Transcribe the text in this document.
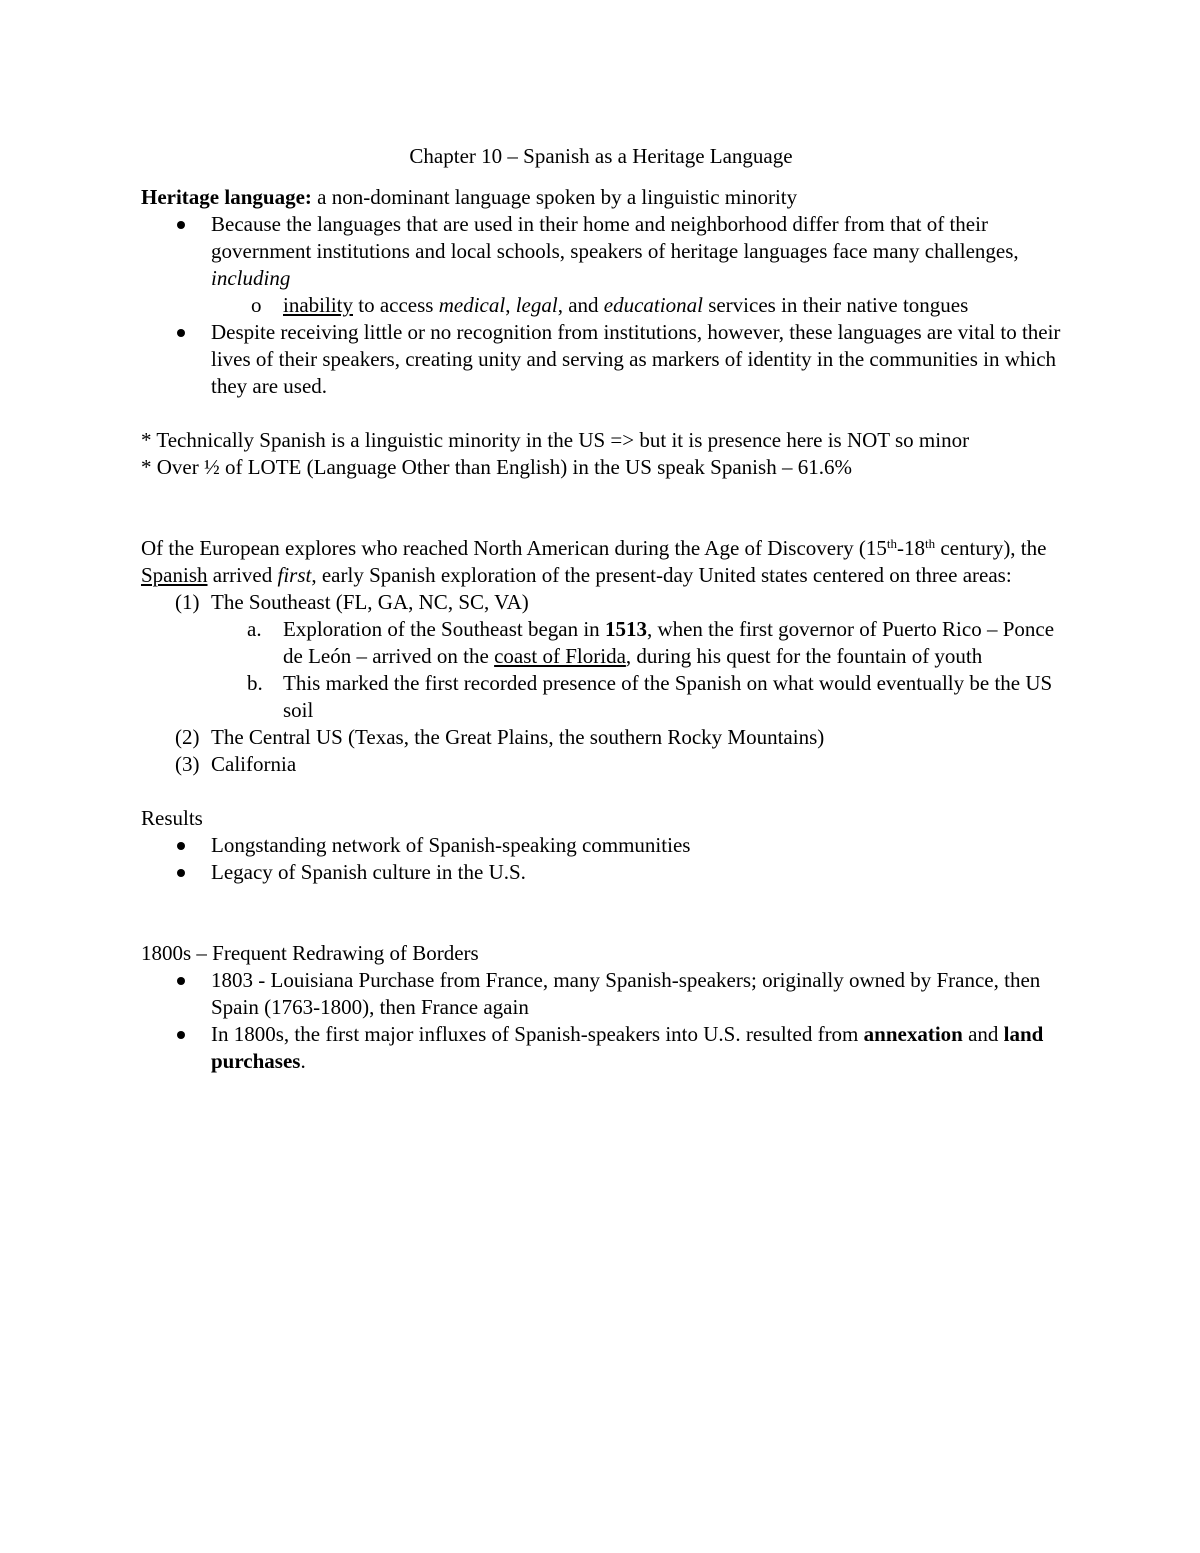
Chapter 10 – Spanish as a Heritage Language

Heritage language: a non-dominant language spoken by a linguistic minority

Because the languages that are used in their home and neighborhood differ from that of their government institutions and local schools, speakers of heritage languages face many challenges, including
o inability to access medical, legal, and educational services in their native tongues
Despite receiving little or no recognition from institutions, however, these languages are vital to their lives of their speakers, creating unity and serving as markers of identity in the communities in which they are used.

* Technically Spanish is a linguistic minority in the US => but it is presence here is NOT so minor

* Over ½ of LOTE (Language Other than English) in the US speak Spanish – 61.6%

Of the European explores who reached North American during the Age of Discovery (15th-18th century), the Spanish arrived first, early Spanish exploration of the present-day United states centered on three areas:

(1) The Southeast (FL, GA, NC, SC, VA)
a. Exploration of the Southeast began in 1513, when the first governor of Puerto Rico – Ponce de León – arrived on the coast of Florida, during his quest for the fountain of youth
b. This marked the first recorded presence of the Spanish on what would eventually be the US soil
(2) The Central US (Texas, the Great Plains, the southern Rocky Mountains)
(3) California

Results

Longstanding network of Spanish-speaking communities
Legacy of Spanish culture in the U.S.

1800s – Frequent Redrawing of Borders

1803 - Louisiana Purchase from France, many Spanish-speakers; originally owned by France, then Spain (1763-1800), then France again
In 1800s, the first major influxes of Spanish-speakers into U.S. resulted from annexation and land purchases.
